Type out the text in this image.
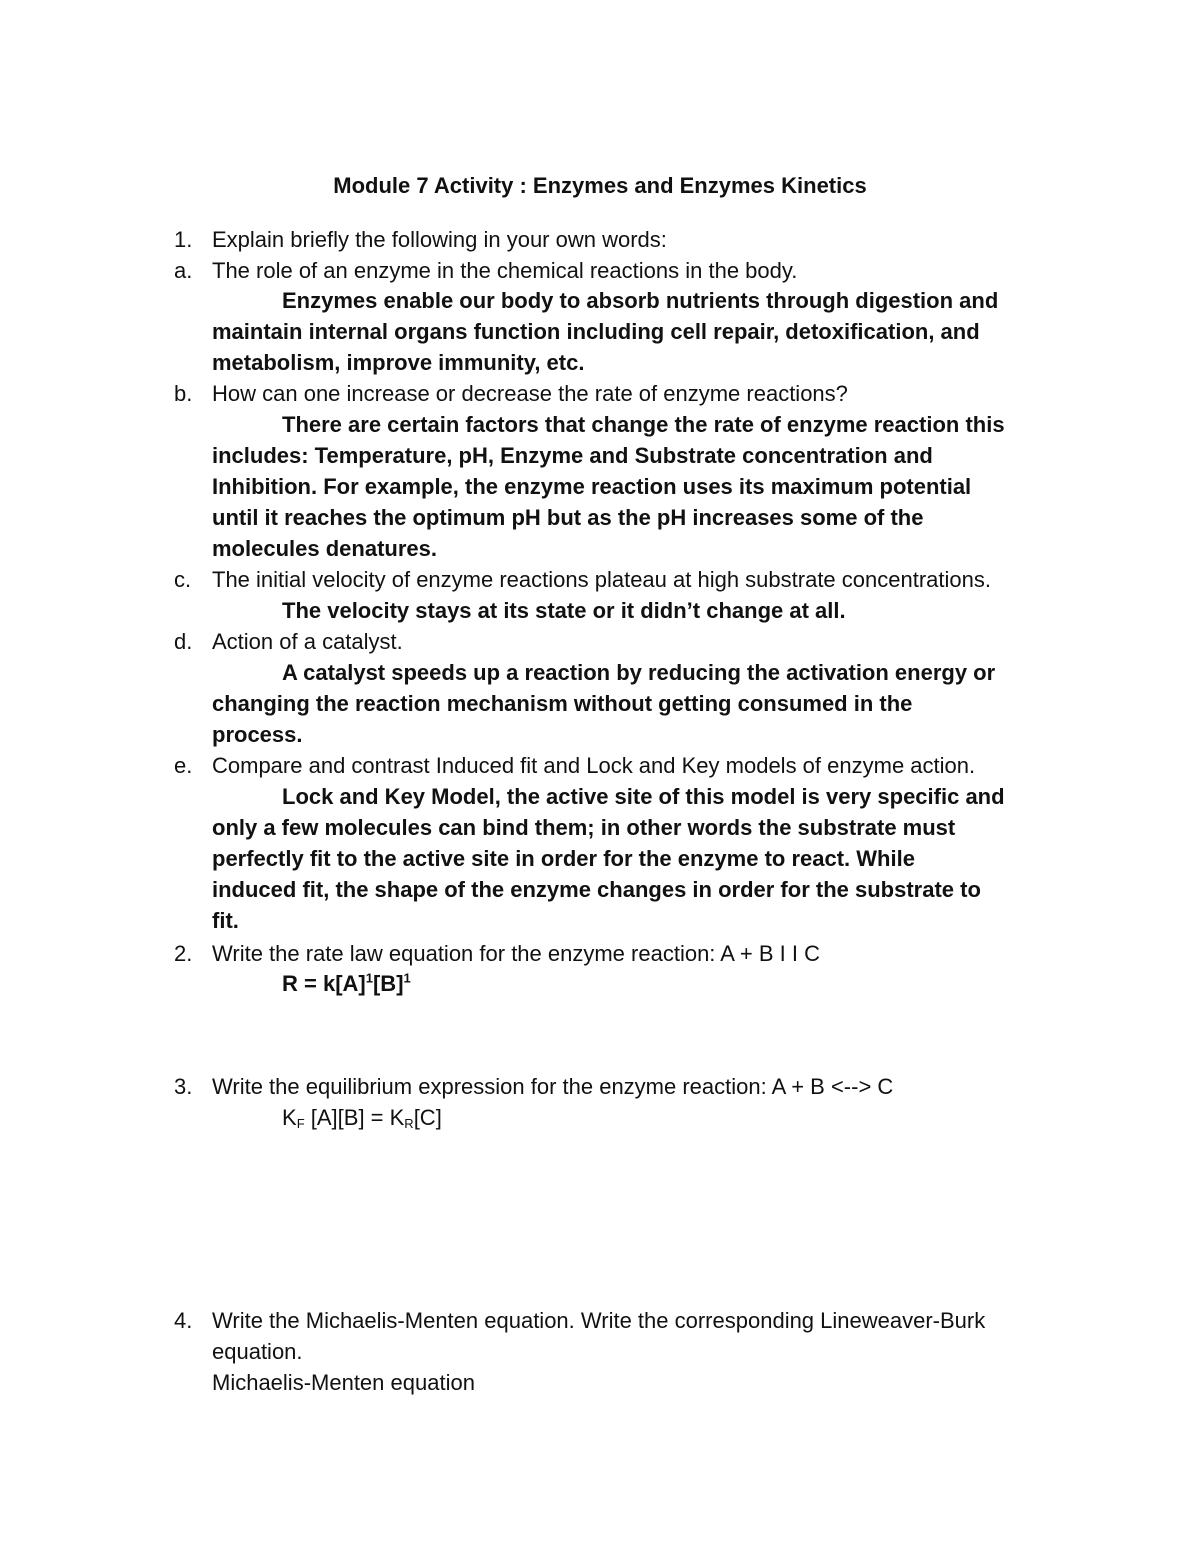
Module 7 Activity : Enzymes and Enzymes Kinetics
1. Explain briefly the following in your own words:
a. The role of an enzyme in the chemical reactions in the body.
Enzymes enable our body to absorb nutrients through digestion and
maintain internal organs function including cell repair, detoxification, and
metabolism, improve immunity, etc.
b. How can one increase or decrease the rate of enzyme reactions?
There are certain factors that change the rate of enzyme reaction this
includes: Temperature, pH, Enzyme and Substrate concentration and
Inhibition. For example, the enzyme reaction uses its maximum potential
until it reaches the optimum pH but as the pH increases some of the
molecules denatures.
c. The initial velocity of enzyme reactions plateau at high substrate concentrations.
The velocity stays at its state or it didn’t change at all.
d. Action of a catalyst.
A catalyst speeds up a reaction by reducing the activation energy or
changing the reaction mechanism without getting consumed in the
process.
e. Compare and contrast Induced fit and Lock and Key models of enzyme action.
Lock and Key Model, the active site of this model is very specific and
only a few molecules can bind them; in other words the substrate must
perfectly fit to the active site in order for the enzyme to react. While
induced fit, the shape of the enzyme changes in order for the substrate to
fit.
2. Write the rate law equation for the enzyme reaction: A + B I I C
$R = k[A]^1[B]^1$
3. Write the equilibrium expression for the enzyme reaction: A + B <--> C
$K_F$ $[A][B] = K_R[C]$
4. Write the Michaelis-Menten equation. Write the corresponding Lineweaver-Burk
equation.
Michaelis-Menten equation
